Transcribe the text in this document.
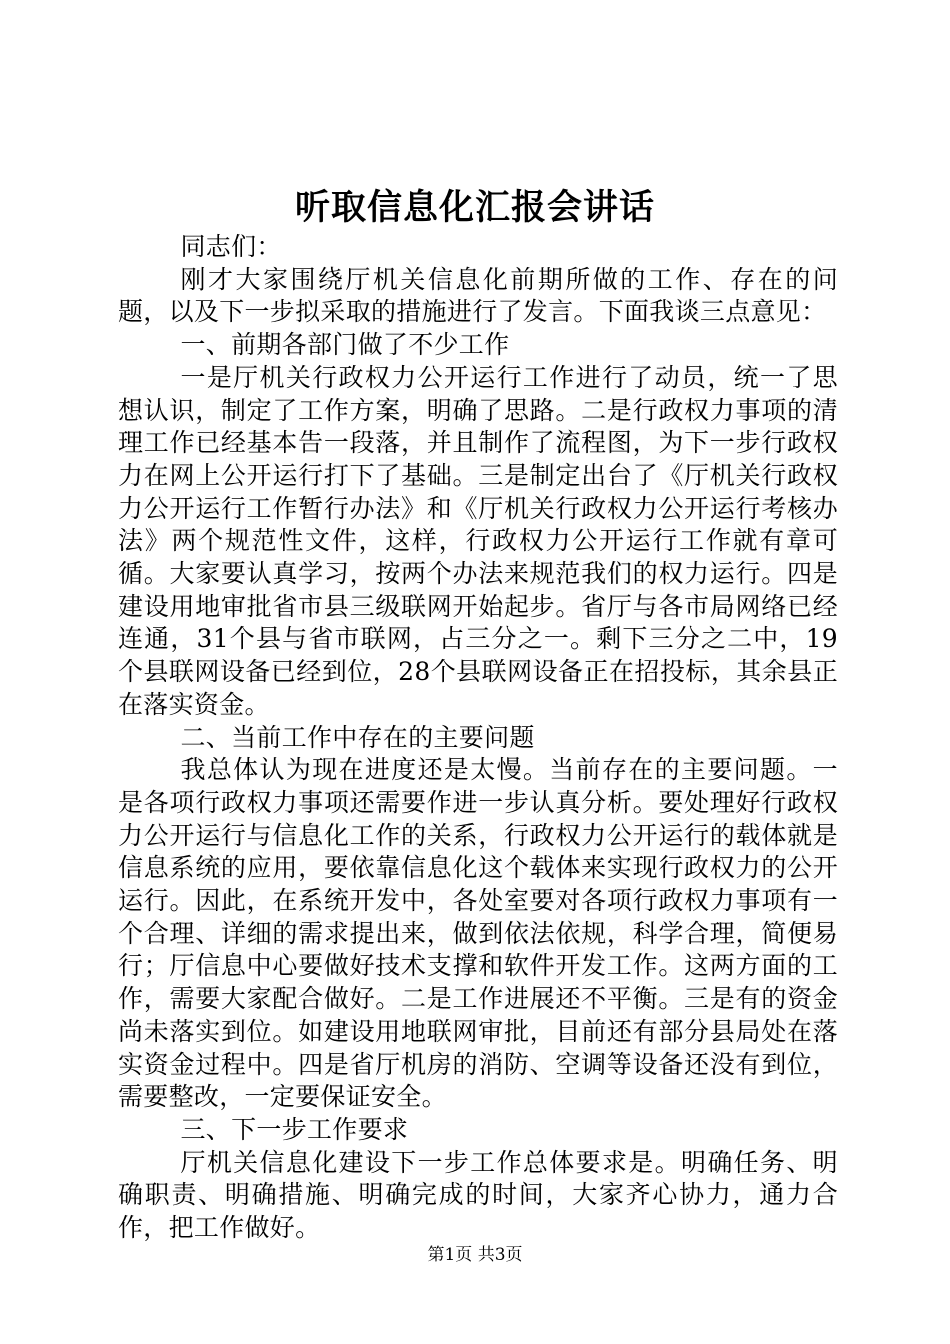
听取信息化汇报会讲话

同志们：

刚才大家围绕厅机关信息化前期所做的工作、存在的问题，以及下一步拟采取的措施进行了发言。下面我谈三点意见：

一、前期各部门做了不少工作

一是厅机关行政权力公开运行工作进行了动员，统一了思想认识，制定了工作方案，明确了思路。二是行政权力事项的清理工作已经基本告一段落，并且制作了流程图，为下一步行政权力在网上公开运行打下了基础。三是制定出台了《厅机关行政权力公开运行工作暂行办法》和《厅机关行政权力公开运行考核办法》两个规范性文件，这样，行政权力公开运行工作就有章可循。大家要认真学习，按两个办法来规范我们的权力运行。四是建设用地审批省市县三级联网开始起步。省厅与各市局网络已经连通，31个县与省市联网，占三分之一。剩下三分之二中，19个县联网设备已经到位，28个县联网设备正在招投标，其余县正在落实资金。

二、当前工作中存在的主要问题

我总体认为现在进度还是太慢。当前存在的主要问题。一是各项行政权力事项还需要作进一步认真分析。要处理好行政权力公开运行与信息化工作的关系，行政权力公开运行的载体就是信息系统的应用，要依靠信息化这个载体来实现行政权力的公开运行。因此，在系统开发中，各处室要对各项行政权力事项有一个合理、详细的需求提出来，做到依法依规，科学合理，简便易行；厅信息中心要做好技术支撑和软件开发工作。这两方面的工作，需要大家配合做好。二是工作进展还不平衡。三是有的资金尚未落实到位。如建设用地联网审批，目前还有部分县局处在落实资金过程中。四是省厅机房的消防、空调等设备还没有到位，需要整改，一定要保证安全。

三、下一步工作要求

厅机关信息化建设下一步工作总体要求是。明确任务、明确职责、明确措施、明确完成的时间，大家齐心协力，通力合作，把工作做好。

第1页 共3页
